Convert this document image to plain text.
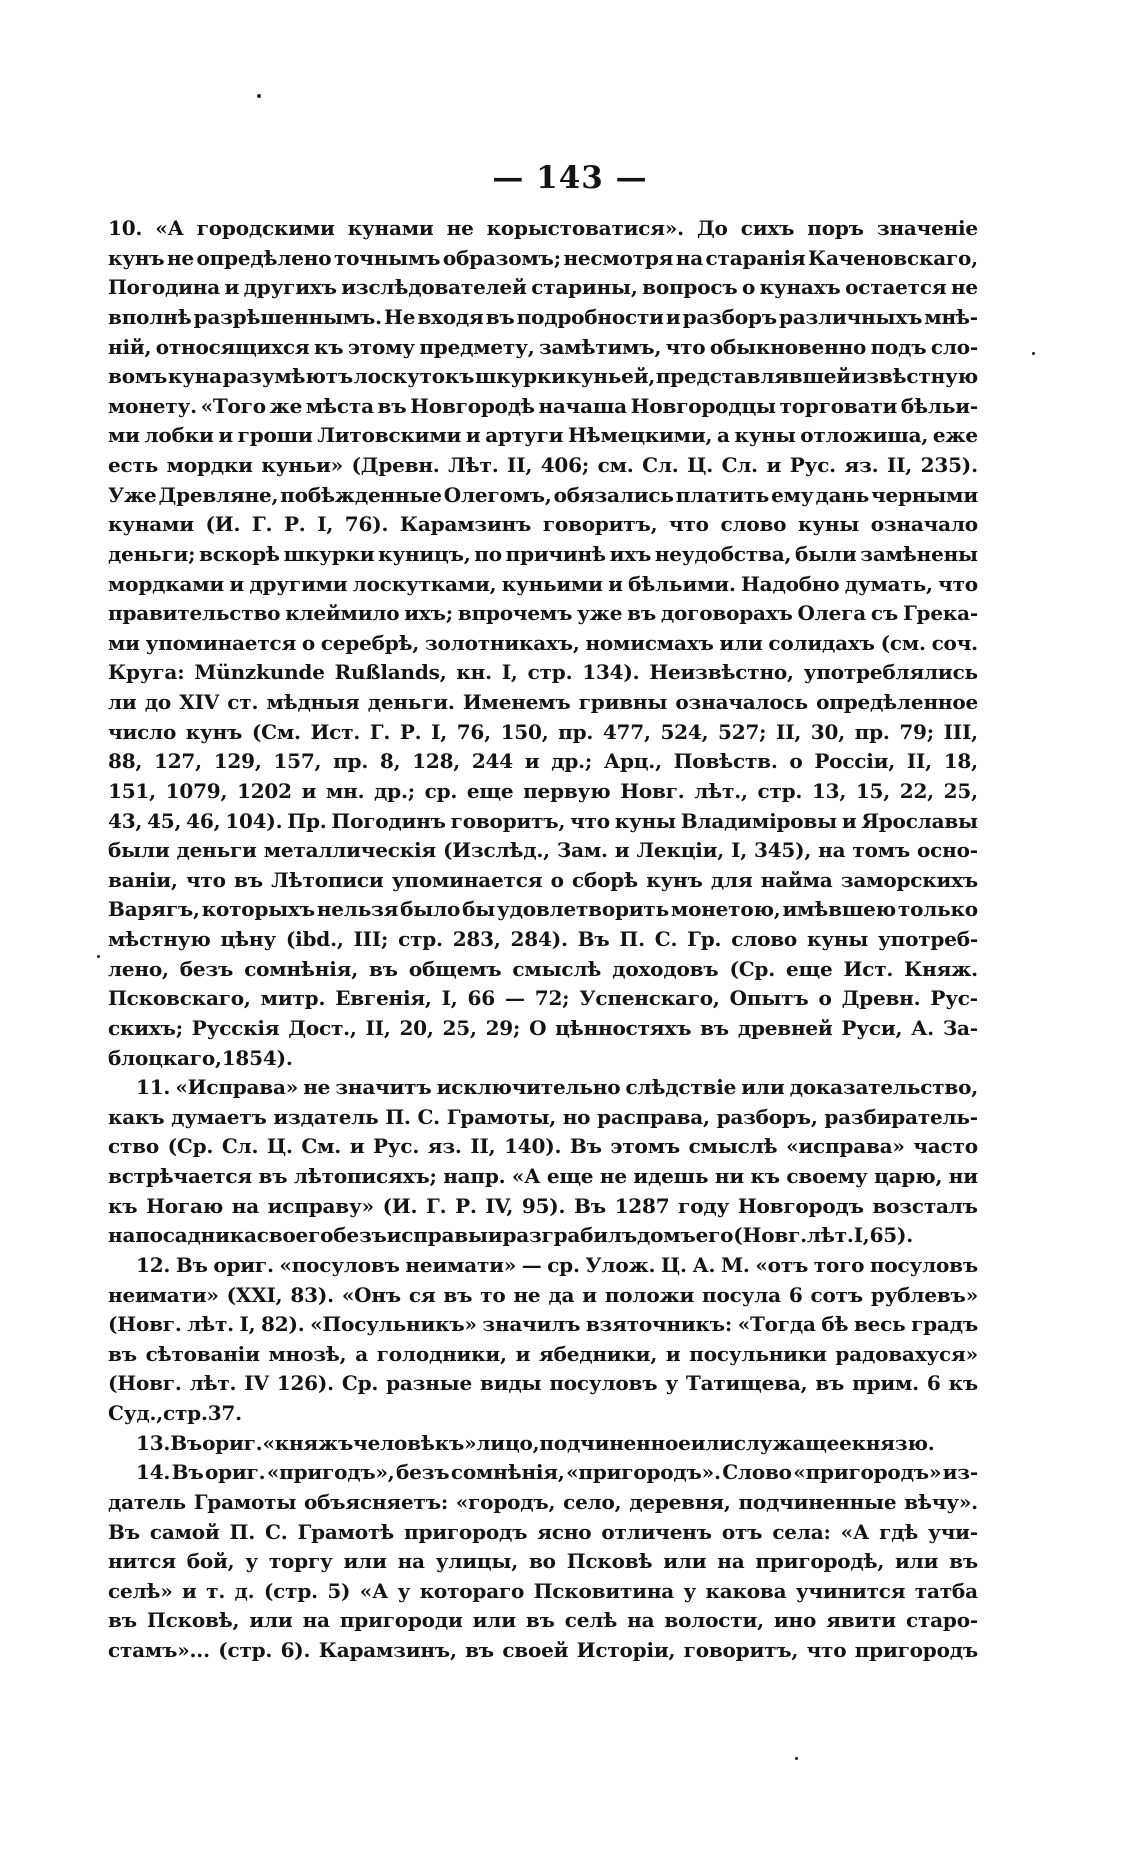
— 143 —
10. «А городскими кунами не корыстоватися». До сихъ поръ значенiе
кунъ не опредѣлено точнымъ образомъ; несмотря на старанiя Каченовскаго,
Погодина и другихъ изслѣдователей старины, вопросъ о кунахъ остается не
вполнѣ разрѣшеннымъ. Не входя въ подробности и разборъ различныхъ мнѣ-
нiй, относящихся къ этому предмету, замѣтимъ, что обыкновенно подъ сло-
вомъ куна разумѣютъ лоскутокъ шкурки куньей, представлявшей извѣстную
монету. «Того же мѣста въ Новгородѣ начаша Новгородцы торговати бѣльи-
ми лобки и гроши Литовскими и артуги Нѣмецкими, а куны отложиша, еже
есть мордки куньи» (Древн. Лѣт. II, 406; см. Сл. Ц. Сл. и Рус. яз. II, 235).
Уже Древляне, побѣжденные Олегомъ, обязались платить ему дань черными
кунами (И. Г. Р. I, 76). Карамзинъ говоритъ, что слово куны означало
деньги; вскорѣ шкурки куницъ, по причинѣ ихъ неудобства, были замѣнены
мордками и другими лоскутками, куньими и бѣльими. Надобно думать, что
правительство клеймило ихъ; впрочемъ уже въ договорахъ Олега съ Грека-
ми упоминается о серебрѣ, золотникахъ, номисмахъ или солидахъ (см. соч.
Круга: Münzkunde Rußlands, кн. I, стр. 134). Неизвѣстно, употреблялись
ли до XIV ст. мѣдныя деньги. Именемъ гривны означалось опредѣленное
число кунъ (См. Ист. Г. Р. I, 76, 150, пр. 477, 524, 527; II, 30, пр. 79; III,
88, 127, 129, 157, пр. 8, 128, 244 и др.; Арц., Повѣств. о Россiи, II, 18,
151, 1079, 1202 и мн. др.; ср. еще первую Новг. лѣт., стр. 13, 15, 22, 25,
43, 45, 46, 104). Пр. Погодинъ говоритъ, что куны Владимiровы и Ярославы
были деньги металлическiя (Изслѣд., Зам. и Лекцiи, I, 345), на томъ осно-
ванiи, что въ Лѣтописи упоминается о сборѣ кунъ для найма заморскихъ
Варягъ, которыхъ нельзя было бы удовлетворить монетою, имѣвшею только
мѣстную цѣну (ibd., III; стр. 283, 284). Въ П. С. Гр. слово куны употреб-
лено, безъ сомнѣнiя, въ общемъ смыслѣ доходовъ (Ср. еще Ист. Княж.
Псковскаго, митр. Евгенiя, I, 66 — 72; Успенскаго, Опытъ о Древн. Рус-
скихъ; Русскiя Дост., II, 20, 25, 29; О цѣнностяхъ въ древней Руси, А. За-
блоцкаго, 1854).
11. «Исправа» не значитъ исключительно слѣдствiе или доказательство,
какъ думаетъ издатель П. С. Грамоты, но расправа, разборъ, разбиратель-
ство (Ср. Сл. Ц. См. и Рус. яз. II, 140). Въ этомъ смыслѣ «исправа» часто
встрѣчается въ лѣтописяхъ; напр. «А еще не идешь ни къ своему царю, ни
къ Ногаю на исправу» (И. Г. Р. IV, 95). Въ 1287 году Новгородъ возсталъ
на посадника своего безъ исправы и разграбилъ домъ его (Новг. лѣт. I, 65).
12. Въ ориг. «посуловъ неимати» — ср. Улож. Ц. А. М. «отъ того посуловъ
неимати» (XXI, 83). «Онъ ся въ то не да и положи посула 6 сотъ рублевъ»
(Новг. лѣт. I, 82). «Посульникъ» значилъ взяточникъ: «Тогда бѣ весь градъ
въ сѣтованiи мнозѣ, а голодники, и ябедники, и посульники радовахуся»
(Новг. лѣт. IV 126). Ср. разные виды посуловъ у Татищева, въ прим. 6 къ
Суд., стр. 37.
13. Въ ориг. «княжъ человѣкъ» лицо, подчиненное или служащее князю.
14. Въ ориг. «пригодъ», безъ сомнѣнiя, «пригородъ». Слово «пригородъ» из-
датель Грамоты объясняетъ: «городъ, село, деревня, подчиненные вѣчу».
Въ самой П. С. Грамотѣ пригородъ ясно отличенъ отъ села: «А гдѣ учи-
нится бой, у торгу или на улицы, во Псковѣ или на пригородѣ, или въ
селѣ» и т. д. (стр. 5) «А у котораго Псковитина у какова учинится татба
въ Псковѣ, или на пригороди или въ селѣ на волости, ино явити старо-
стамъ»... (стр. 6). Карамзинъ, въ своей Исторiи, говоритъ, что пригородъ
